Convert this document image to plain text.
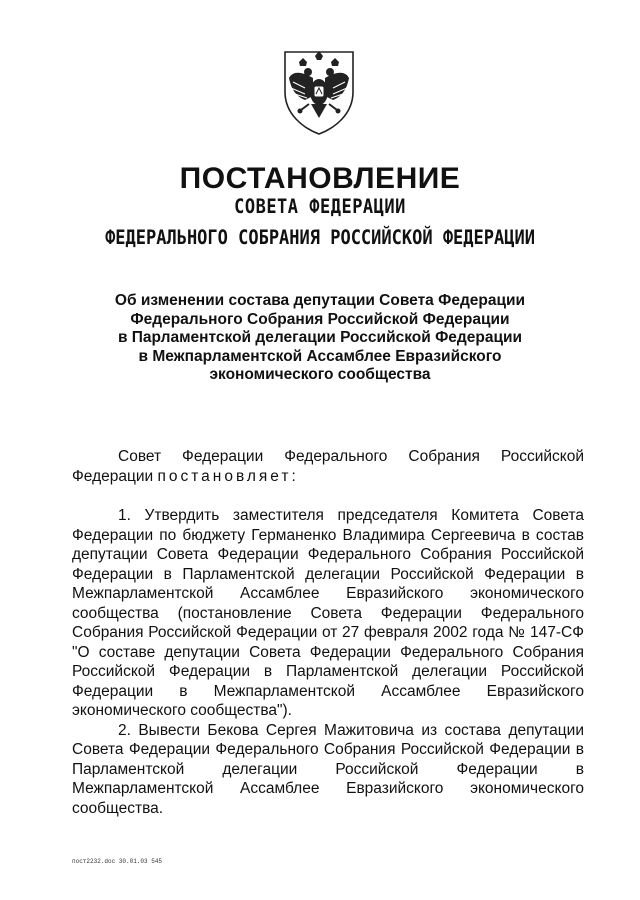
ПОСТАНОВЛЕНИЕ
СОВЕТА ФЕДЕРАЦИИ
ФЕДЕРАЛЬНОГО СОБРАНИЯ РОССИЙСКОЙ ФЕДЕРАЦИИ
Об изменении состава депутации Совета Федерации
Федерального Собрания Российской Федерации
в Парламентской делегации Российской Федерации
в Межпарламентской Ассамблее Евразийского
экономического сообщества

Совет Федерации Федерального Собрания Российской Федерации постановляет:

1. Утвердить заместителя председателя Комитета Совета Федерации по бюджету Германенко Владимира Сергеевича в состав депутации Совета Федерации Федерального Собрания Российской Федерации в Парламентской делегации Российской Федерации в Межпарламентской Ассамблее Евразийского экономического сообщества (постановление Совета Федерации Федерального Собрания Российской Федерации от 27 февраля 2002 года № 147-СФ "О составе депутации Совета Федерации Федерального Собрания Российской Федерации в Парламентской делегации Российской Федерации в Межпарламентской Ассамблее Евразийского экономического сообщества").

2. Вывести Бекова Сергея Мажитовича из состава депутации Совета Федерации Федерального Собрания Российской Федерации в Парламентской делегации Российской Федерации в Межпарламентской Ассамблее Евразийского экономического сообщества.

пост2232.doc 30.01.03 545
